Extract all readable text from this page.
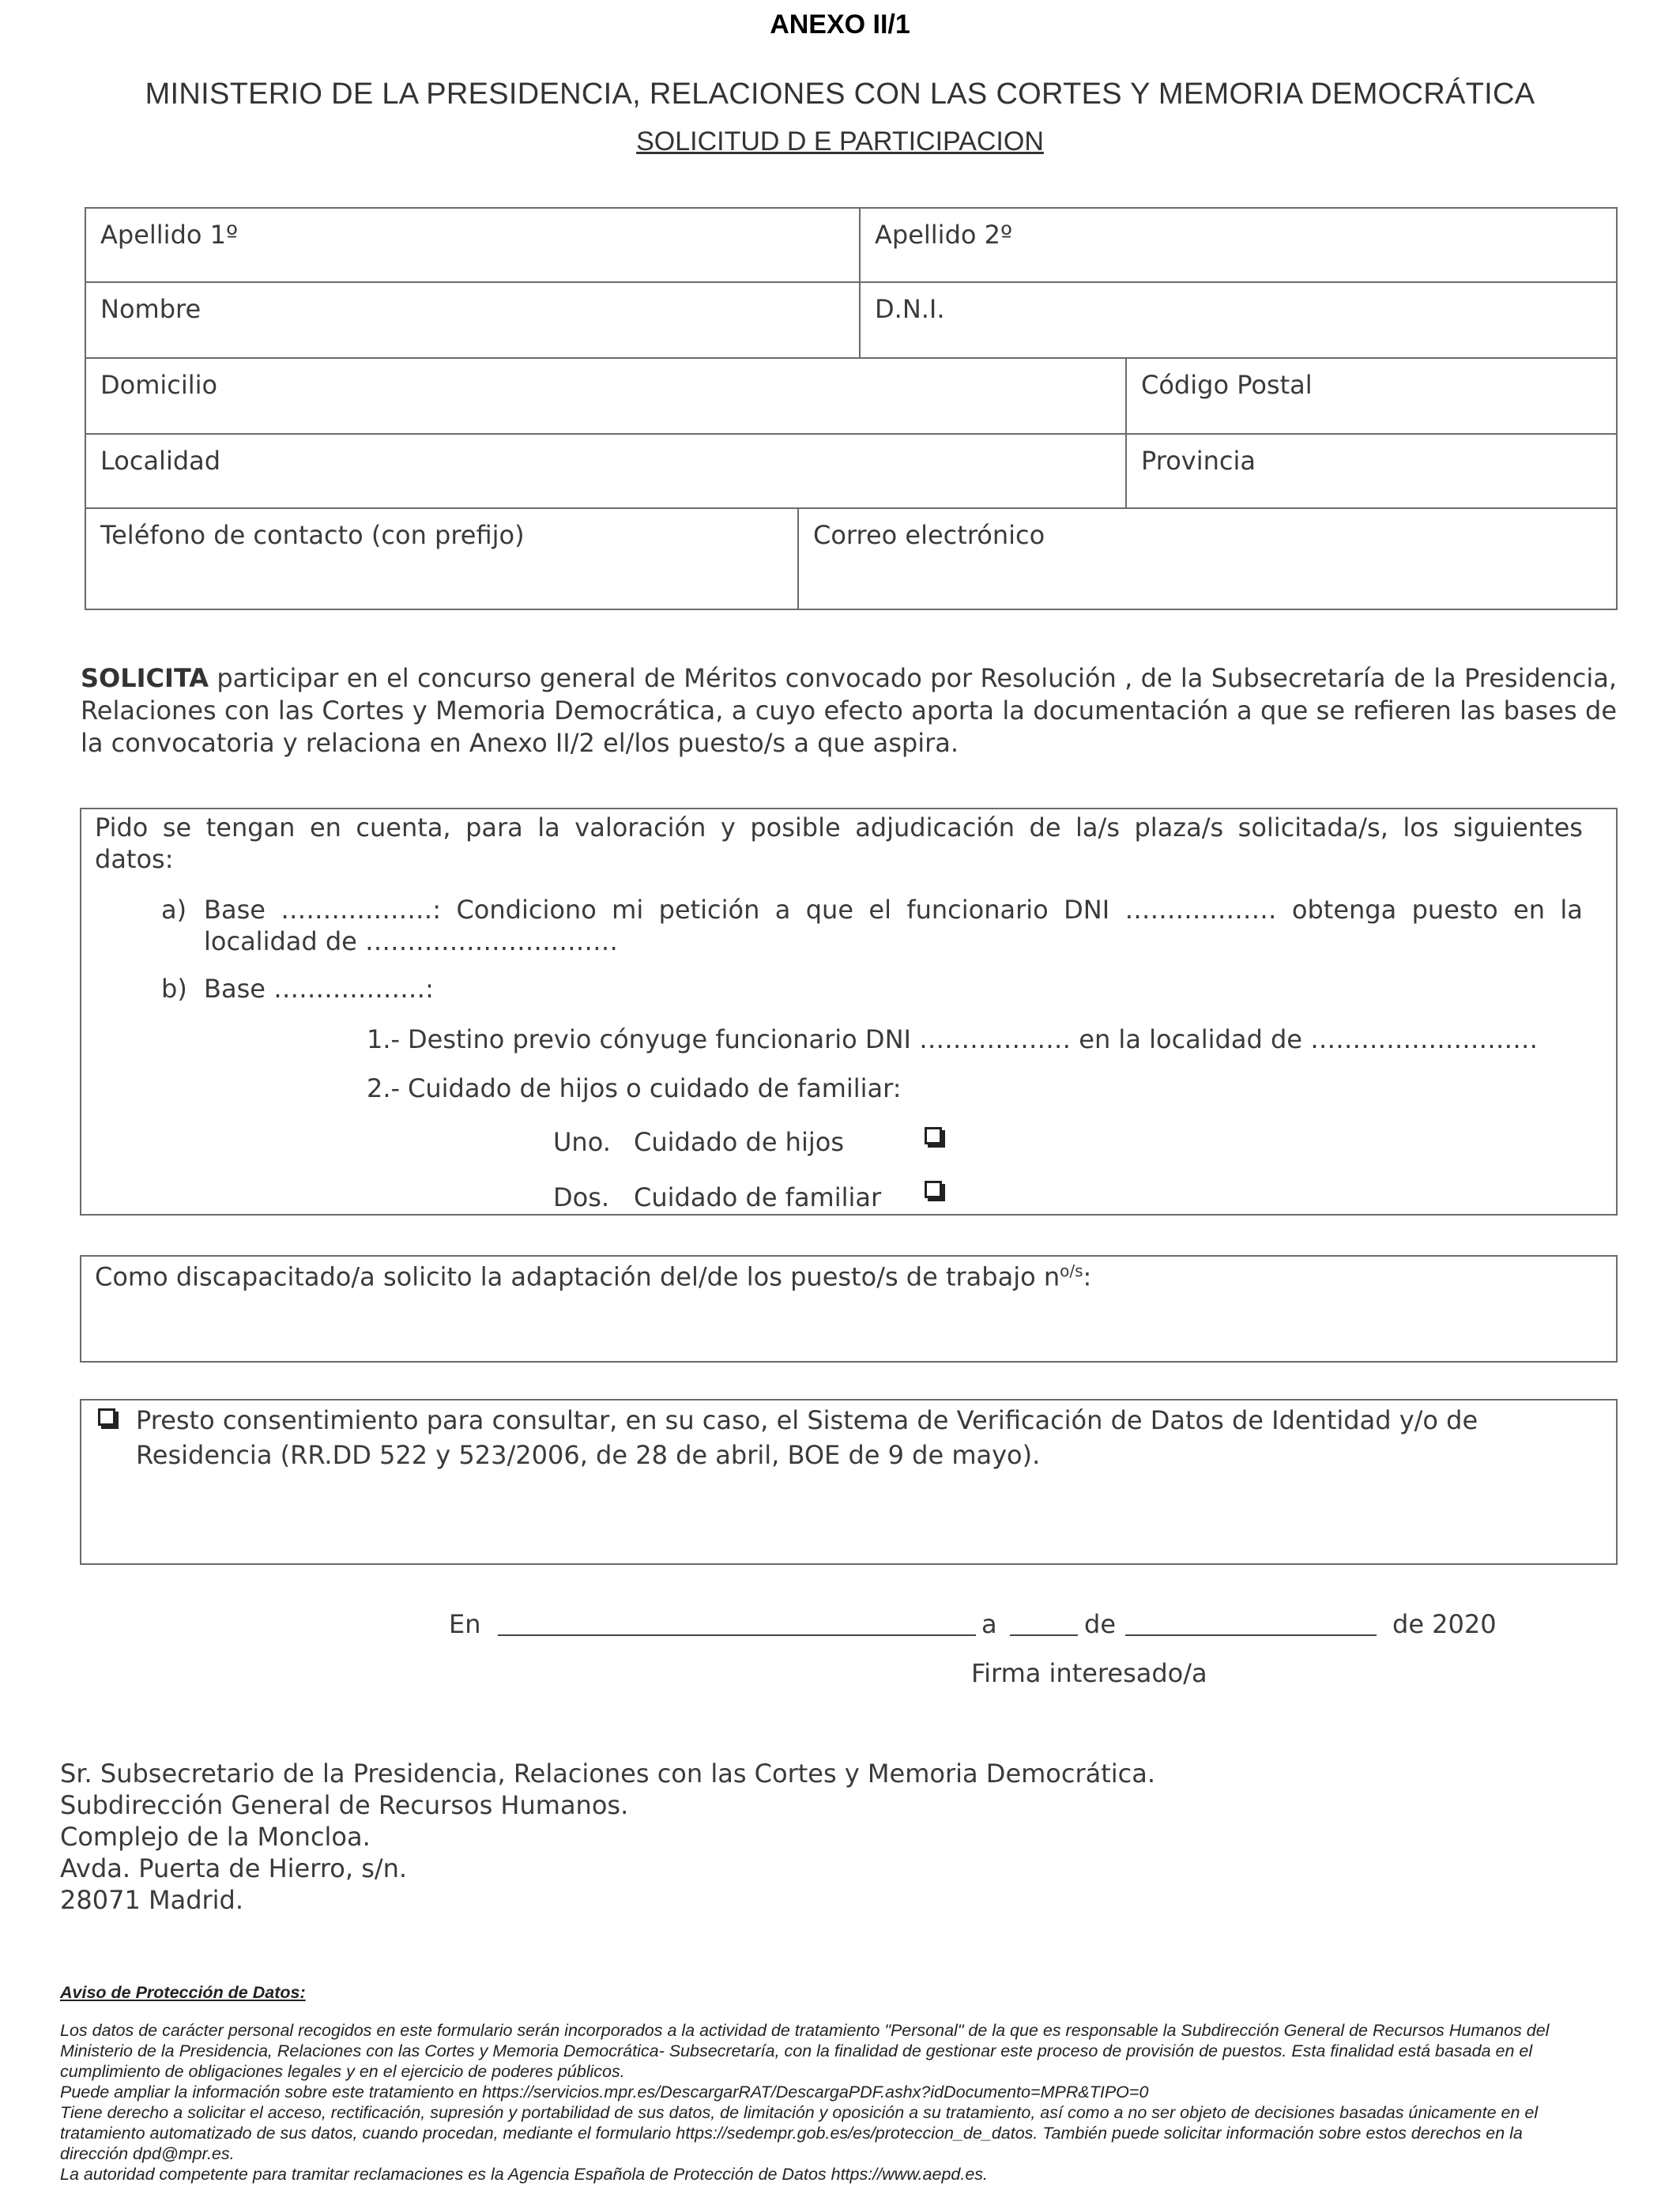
ANEXO II/1
MINISTERIO DE LA PRESIDENCIA, RELACIONES CON LAS CORTES Y MEMORIA DEMOCRÁTICA
SOLICITUD D E PARTICIPACION
Apellido 1º	Apellido 2º
Nombre	D.N.I.
Domicilio	Código Postal
Localidad	Provincia
Teléfono de contacto (con prefijo)	Correo electrónico
SOLICITA participar en el concurso general de Méritos convocado por Resolución , de la Subsecretaría de la Presidencia, Relaciones con las Cortes y Memoria Democrática, a cuyo efecto aporta la documentación a que se refieren las bases de la convocatoria y relaciona en Anexo II/2 el/los puesto/s a que aspira.
Pido se tengan en cuenta, para la valoración y posible adjudicación de la/s plaza/s solicitada/s, los siguientes
datos:
a) Base ………………: Condiciono mi petición a que el funcionario DNI ……………… obtenga puesto en la
localidad de …………………………
b) Base ………………:
1.- Destino previo cónyuge funcionario DNI ……………… en la localidad de ………………………
2.- Cuidado de hijos o cuidado de familiar:
Uno. Cuidado de hijos
Dos. Cuidado de familiar
Como discapacitado/a solicito la adaptación del/de los puesto/s de trabajo $n^{o/s}$:
Presto consentimiento para consultar, en su caso, el Sistema de Verificación de Datos de Identidad y/o de
Residencia (RR.DD 522 y 523/2006, de 28 de abril, BOE de 9 de mayo).
En	a	de	de 2020
Firma interesado/a
Sr. Subsecretario de la Presidencia, Relaciones con las Cortes y Memoria Democrática.
Subdirección General de Recursos Humanos.
Complejo de la Moncloa.
Avda. Puerta de Hierro, s/n.
28071 Madrid.
Aviso de Protección de Datos:
Los datos de carácter personal recogidos en este formulario serán incorporados a la actividad de tratamiento "Personal" de la que es responsable la Subdirección General de Recursos Humanos del
Ministerio de la Presidencia, Relaciones con las Cortes y Memoria Democrática- Subsecretaría, con la finalidad de gestionar este proceso de provisión de puestos. Esta finalidad está basada en el
cumplimiento de obligaciones legales y en el ejercicio de poderes públicos.
Puede ampliar la información sobre este tratamiento en https://servicios.mpr.es/DescargarRAT/DescargaPDF.ashx?idDocumento=MPR&TIPO=0
Tiene derecho a solicitar el acceso, rectificación, supresión y portabilidad de sus datos, de limitación y oposición a su tratamiento, así como a no ser objeto de decisiones basadas únicamente en el
tratamiento automatizado de sus datos, cuando procedan, mediante el formulario https://sedempr.gob.es/es/proteccion_de_datos. También puede solicitar información sobre estos derechos en la
dirección dpd@mpr.es.
La autoridad competente para tramitar reclamaciones es la Agencia Española de Protección de Datos https://www.aepd.es.
